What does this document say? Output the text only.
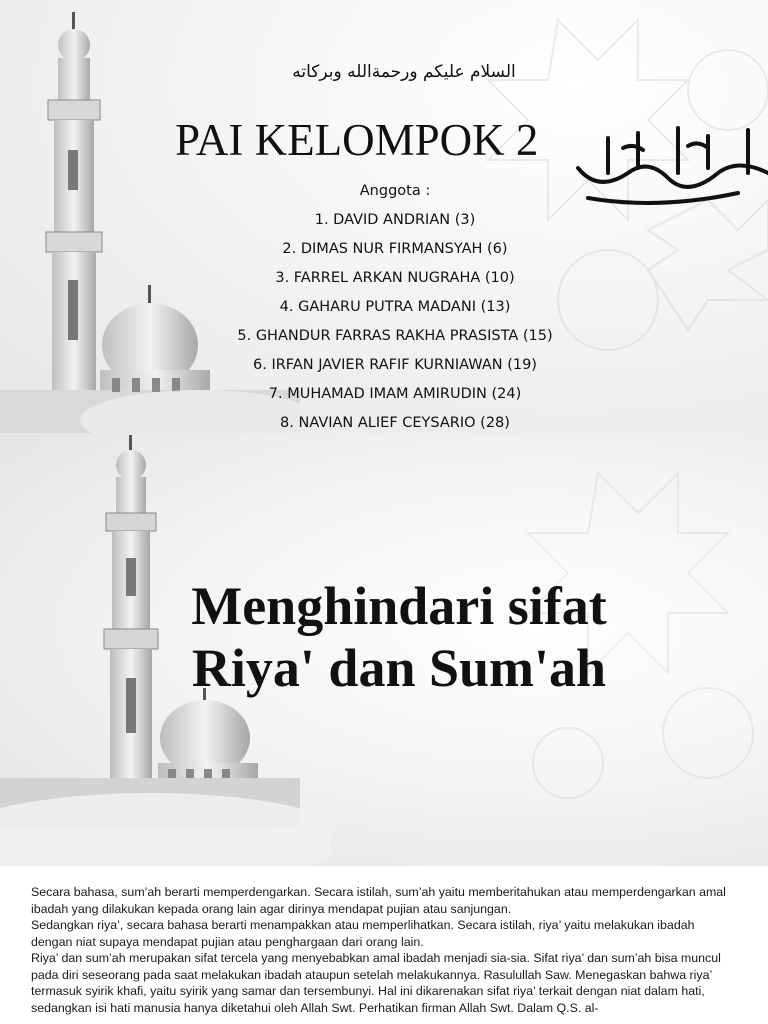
السلام عليكم ورحمةالله وبركاته
PAI KELOMPOK 2
Anggota :
1. DAVID ANDRIAN (3)
2. DIMAS NUR FIRMANSYAH (6)
3. FARREL ARKAN NUGRAHA (10)
4. GAHARU PUTRA MADANI (13)
5. GHANDUR FARRAS RAKHA PRASISTA (15)
6. IRFAN JAVIER RAFIF KURNIAWAN (19)
7. MUHAMAD IMAM AMIRUDIN (24)
8. NAVIAN ALIEF CEYSARIO (28)
Menghindari sifat
Riya' dan Sum'ah

Secara bahasa, sum’ah berarti memperdengarkan. Secara istilah, sum’ah yaitu memberitahukan atau memperdengarkan amal ibadah yang dilakukan kepada orang lain agar dirinya mendapat pujian atau sanjungan.

Sedangkan riya’, secara bahasa berarti menampakkan atau memperlihatkan. Secara istilah, riya’ yaitu melakukan ibadah dengan niat supaya mendapat pujian atau penghargaan dari orang lain.

Riya’ dan sum’ah merupakan sifat tercela yang menyebabkan amal ibadah menjadi sia-sia. Sifat riya’ dan sum’ah bisa muncul pada diri seseorang pada saat melakukan ibadah ataupun setelah melakukannya. Rasulullah Saw. Menegaskan bahwa riya’ termasuk syirik khafi, yaitu syirik yang samar dan tersembunyi. Hal ini dikarenakan sifat riya’ terkait dengan niat dalam hati, sedangkan isi hati manusia hanya diketahui oleh Allah Swt. Perhatikan firman Allah Swt. Dalam Q.S. al-
